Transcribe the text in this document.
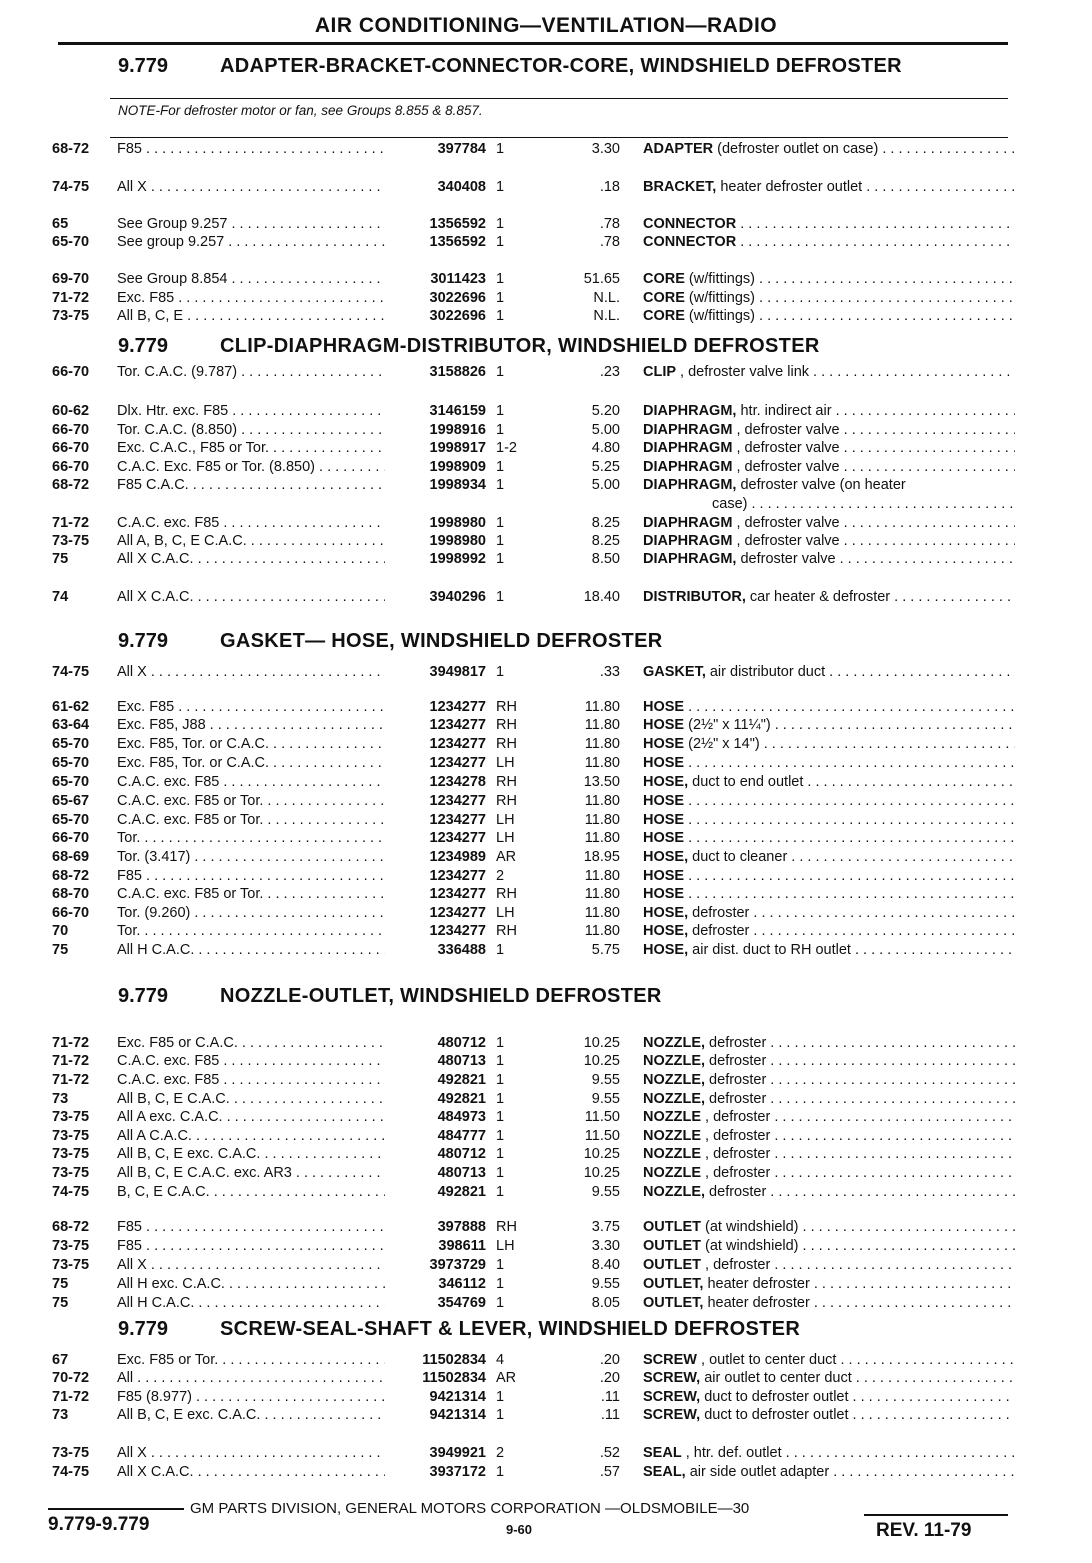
AIR CONDITIONING—VENTILATION—RADIO
9.779	ADAPTER-BRACKET-CONNECTOR-CORE, WINDSHIELD DEFROSTER
9.779	CLIP-DIAPHRAGM-DISTRIBUTOR, WINDSHIELD DEFROSTER
9.779	GASKET— HOSE, WINDSHIELD DEFROSTER
9.779	NOZZLE-OUTLET, WINDSHIELD DEFROSTER
9.779	SCREW-SEAL-SHAFT & LEVER, WINDSHIELD DEFROSTER
NOTE-For defroster motor or fan, see Groups 8.855 & 8.857.
68-72 F85 . . .	397784 1	3.30 ADAPTER (defroster outlet on case) . . .
74-75 All X . . .	340408 1	.18 BRACKET, heater defroster outlet . . .
65	See Group 9.257 . . .	1356592 1	.78 CONNECTOR . . .
65-70 See group 9.257 . . .	1356592 1	.78 CONNECTOR . . .
69-70 See Group 8.854 . . .	3011423 1	51.65 CORE (w/fittings) . . .
71-72 Exc. F85 . . .	3022696 1	N.L. CORE (w/fittings) . . .
73-75 All B, C, E . . .	3022696 1	N.L. CORE (w/fittings) . . .
66-70 Tor. C.A.C. (9.787) . . .	3158826 1	.23 CLIP , defroster valve link . . .
60-62 Dlx. Htr. exc. F85 . . .	3146159 1	5.20 DIAPHRAGM, htr. indirect air . . .
66-70 Tor. C.A.C. (8.850) . . .	1998916 1	5.00 DIAPHRAGM , defroster valve . . .
66-70 Exc. C.A.C., F85 or Tor. . . .	1998917 1-2	4.80 DIAPHRAGM , defroster valve . . .
66-70 C.A.C. Exc. F85 or Tor. (8.850) . . .	1998909 1	5.25 DIAPHRAGM , defroster valve . . .
68-72 F85 C.A.C. . . .	1998934 1	5.00 DIAPHRAGM, defroster valve (on heater
case) . . .
71-72 C.A.C. exc. F85 . . .	1998980 1	8.25 DIAPHRAGM , defroster valve . . .
73-75 All A, B, C, E C.A.C. . . .	1998980 1	8.25 DIAPHRAGM , defroster valve . . .
75	All X C.A.C. . . .	1998992 1	8.50 DIAPHRAGM, defroster valve . . .
74	All X C.A.C. . . .	3940296 1	18.40 DISTRIBUTOR, car heater & defroster . . .
74-75 All X . . .	3949817 1	.33 GASKET, air distributor duct . . .
61-62 Exc. F85 . . .	1234277 RH	11.80 HOSE . . .
63-64 Exc. F85, J88 . . .	1234277 RH	11.80 HOSE (2½" x 11¼") . . .
65-70 Exc. F85, Tor. or C.A.C. . . .	1234277 RH	11.80 HOSE (2½" x 14") . . .
65-70 Exc. F85, Tor. or C.A.C. . . .	1234277 LH	11.80 HOSE . . .
65-70 C.A.C. exc. F85 . . .	1234278 RH	13.50 HOSE, duct to end outlet . . .
65-67 C.A.C. exc. F85 or Tor. . . .	1234277 RH	11.80 HOSE . . .
65-70 C.A.C. exc. F85 or Tor. . . .	1234277 LH	11.80 HOSE . . .
66-70 Tor. . . .	1234277 LH	11.80 HOSE . . .
68-69 Tor. (3.417) . . .	1234989 AR	18.95 HOSE, duct to cleaner . . .
68-72 F85 . . .	1234277 2	11.80 HOSE . . .
68-70 C.A.C. exc. F85 or Tor. . . .	1234277 RH	11.80 HOSE . . .
66-70 Tor. (9.260) . . .	1234277 LH	11.80 HOSE, defroster . . .
70	Tor. . . .	1234277 RH	11.80 HOSE, defroster . . .
75	All H C.A.C. . . .	336488 1	5.75 HOSE, air dist. duct to RH outlet . . .
71-72 Exc. F85 or C.A.C. . . .	480712 1	10.25 NOZZLE, defroster . . .
71-72 C.A.C. exc. F85 . . .	480713 1	10.25 NOZZLE, defroster . . .
71-72 C.A.C. exc. F85 . . .	492821 1	9.55 NOZZLE, defroster . . .
73	All B, C, E C.A.C. . . .	492821 1	9.55 NOZZLE, defroster . . .
73-75 All A exc. C.A.C. . . .	484973 1	11.50 NOZZLE , defroster . . .
73-75 All A C.A.C. . . .	484777 1	11.50 NOZZLE , defroster . . .
73-75 All B, C, E exc. C.A.C. . . .	480712 1	10.25 NOZZLE , defroster . . .
73-75 All B, C, E C.A.C. exc. AR3 . . .	480713 1	10.25 NOZZLE , defroster . . .
74-75 B, C, E C.A.C. . . .	492821 1	9.55 NOZZLE, defroster . . .
68-72 F85 . . .	397888 RH	3.75 OUTLET (at windshield) . . .
73-75 F85 . . .	398611 LH	3.30 OUTLET (at windshield) . . .
73-75 All X . . .	3973729 1	8.40 OUTLET , defroster . . .
75	All H exc. C.A.C. . . .	346112 1	9.55 OUTLET, heater defroster . . .
75	All H C.A.C. . . .	354769 1	8.05 OUTLET, heater defroster . . .
67	Exc. F85 or Tor. . . .	11502834 4	.20 SCREW , outlet to center duct . . .
70-72 All . . .	11502834 AR	.20 SCREW, air outlet to center duct . . .
71-72 F85 (8.977) . . .	9421314 1	.11 SCREW, duct to defroster outlet . . .
73	All B, C, E exc. C.A.C. . . .	9421314 1	.11 SCREW, duct to defroster outlet . . .
73-75 All X . . .	3949921 2	.52 SEAL , htr. def. outlet . . .
74-75 All X C.A.C. . . .	3937172 1	.57 SEAL, air side outlet adapter . . .
GM PARTS DIVISION, GENERAL MOTORS CORPORATION —OLDSMOBILE—30
9.779-9.779	9-60	REV. 11-79
